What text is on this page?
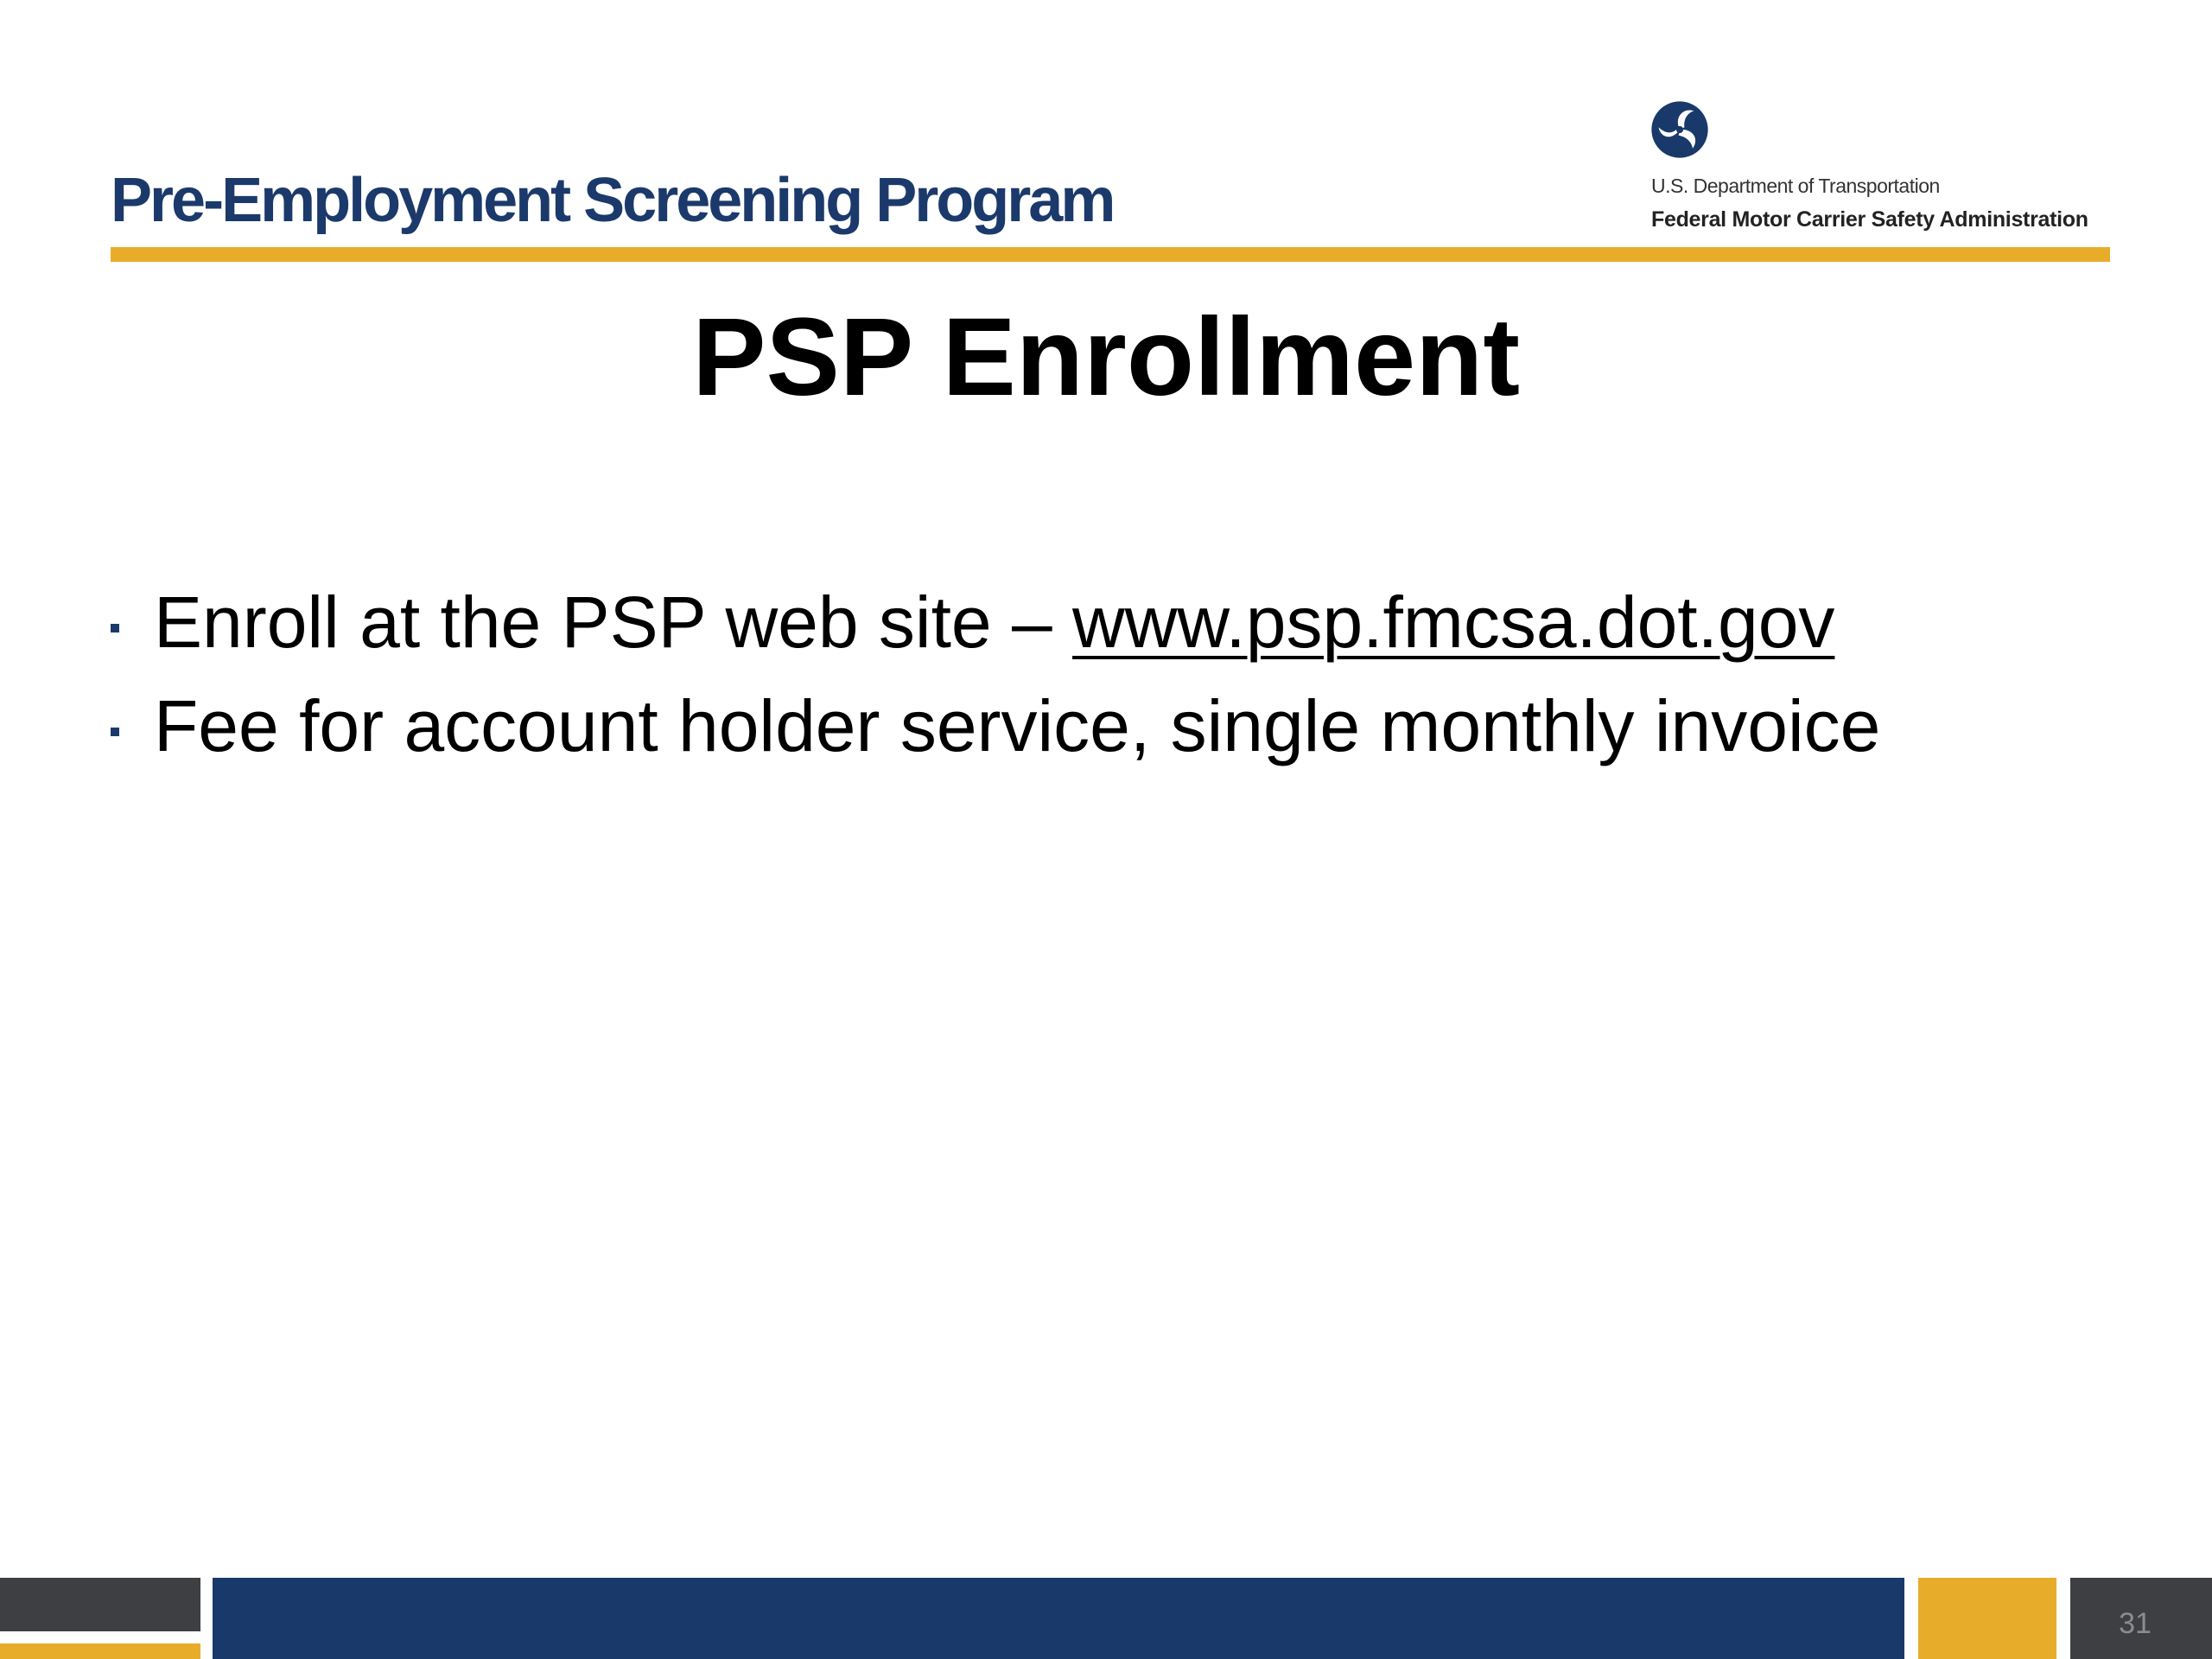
Pre-Employment Screening Program	U.S. Department of Transportation
Federal Motor Carrier Safety Administration
PSP Enrollment
Enroll at the PSP web site – www.psp.fmcsa.dot.gov
Fee for account holder service, single monthly invoice
31
